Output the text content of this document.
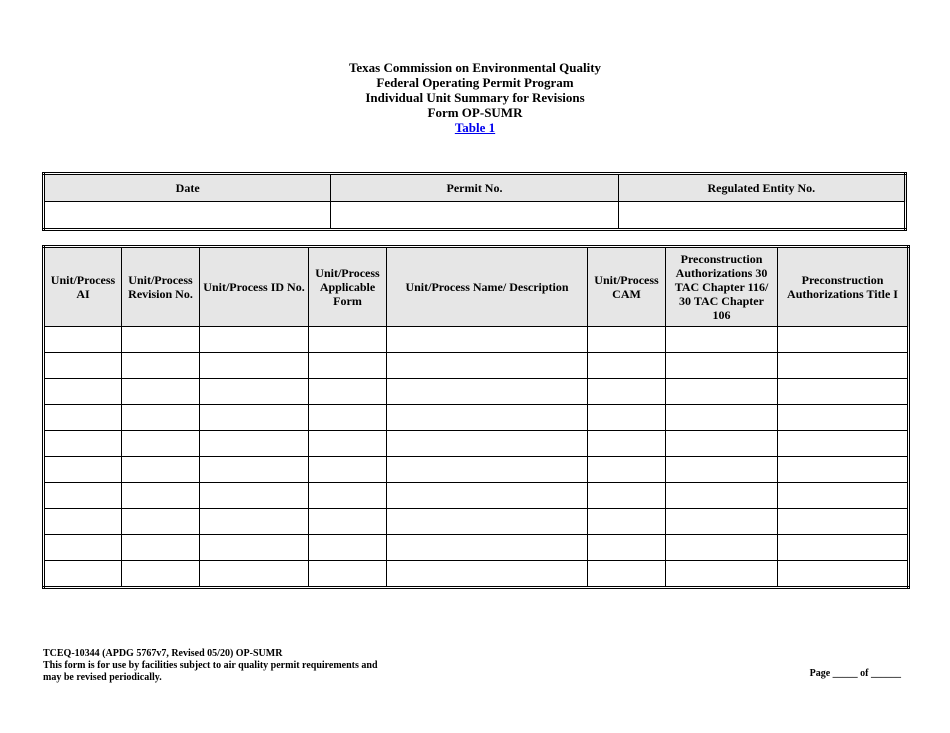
Texas Commission on Environmental Quality
Federal Operating Permit Program
Individual Unit Summary for Revisions
Form OP-SUMR
Table 1
Date	Permit No.	Regulated Entity No.

Unit/Process AI	Unit/Process Revision No.	Unit/Process ID No.	Unit/Process Applicable Form	Unit/Process Name/ Description	Unit/Process CAM	Preconstruction Authorizations 30 TAC Chapter 116/ 30 TAC Chapter 106	Preconstruction Authorizations Title I

TCEQ-10344 (APDG 5767v7, Revised 05/20) OP-SUMR
This form is for use by facilities subject to air quality permit requirements and
may be revised periodically.	Page _____ of ______
